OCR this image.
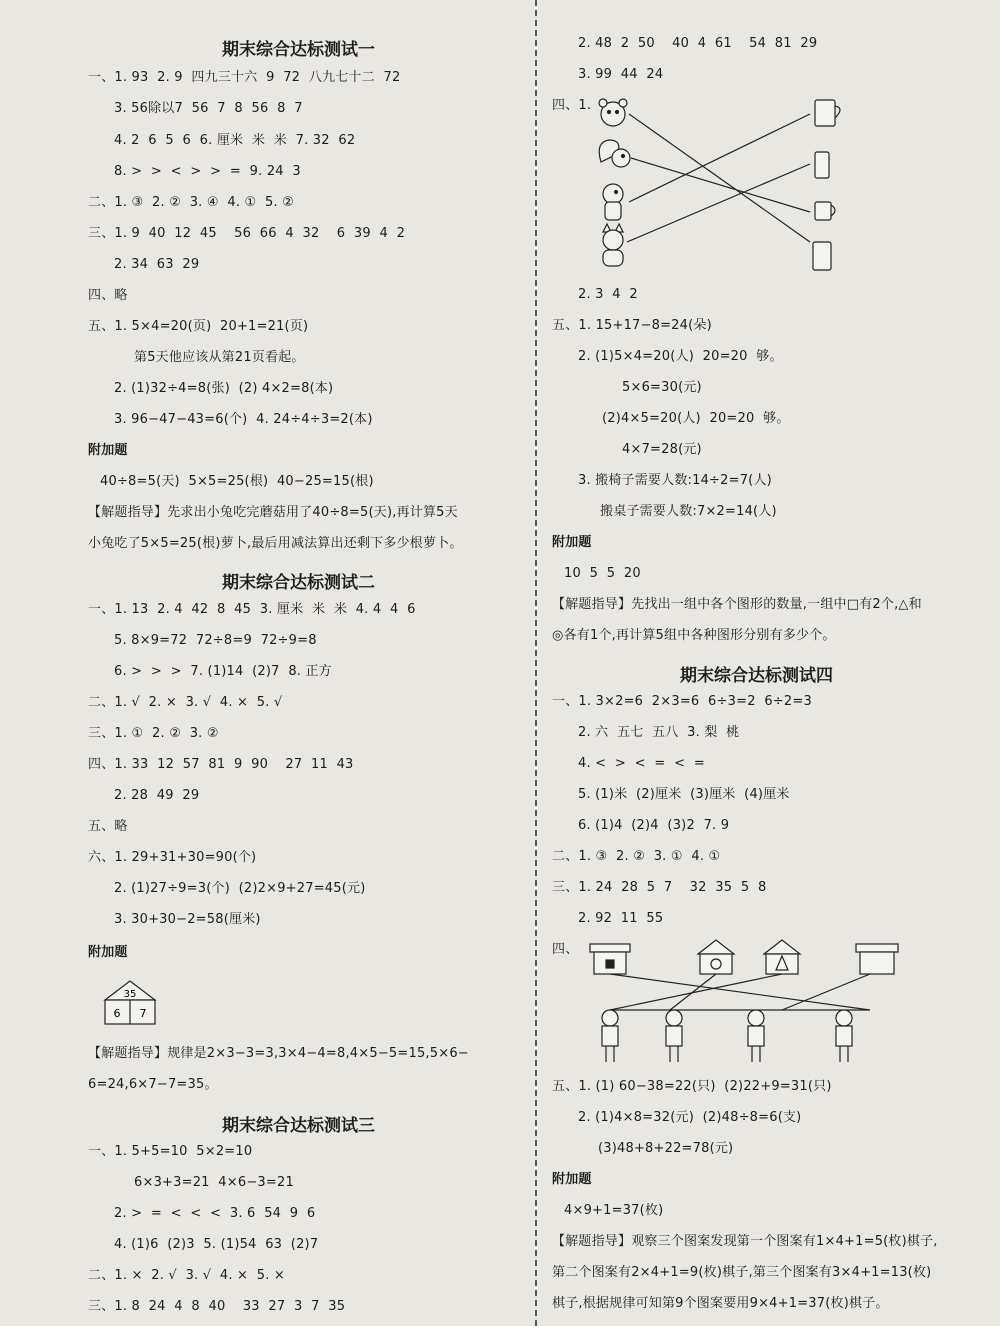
期末综合达标测试一
一、1. 93  2. 9  四九三十六  9  72  八九七十二  72
3. 56除以7  56  7  8  56  8  7
4. 2  6  5  6  6. 厘米  米  米  7. 32  62
8. >  >  <  >  >  =  9. 24  3
二、1. ③  2. ②  3. ④  4. ①  5. ②
三、1. 9  40  12  45    56  66  4  32    6  39  4  2
2. 34  63  29
四、略
五、1. 5×4=20(页)  20+1=21(页)
第5天他应该从第21页看起。
2. (1)32÷4=8(张)  (2) 4×2=8(本)
3. 96−47−43=6(个)  4. 24÷4÷3=2(本)
附加题
40÷8=5(天)  5×5=25(根)  40−25=15(根)
【解题指导】先求出小兔吃完蘑菇用了40÷8=5(天),再计算5天
小兔吃了5×5=25(根)萝卜,最后用减法算出还剩下多少根萝卜。
期末综合达标测试二
一、1. 13  2. 4  42  8  45  3. 厘米  米  米  4. 4  4  6
5. 8×9=72  72÷8=9  72÷9=8
6. >  >  >  7. (1)14  (2)7  8. 正方
二、1. √  2. ×  3. √  4. ×  5. √
三、1. ①  2. ②  3. ②
四、1. 33  12  57  81  9  90    27  11  43
2. 28  49  29
五、略
六、1. 29+31+30=90(个)
2. (1)27÷9=3(个)  (2)2×9+27=45(元)
3. 30+30−2=58(厘米)
附加题
35
6 7
【解题指导】规律是2×3−3=3,3×4−4=8,4×5−5=15,5×6−
6=24,6×7−7=35。
期末综合达标测试三
一、1. 5+5=10  5×2=10
6×3+3=21  4×6−3=21
2. >  =  <  <  <  3. 6  54  9  6
4. (1)6  (2)3  5. (1)54  63  (2)7
二、1. ×  2. √  3. √  4. ×  5. ×
三、1. 8  24  4  8  40    33  27  3  7  35
2. 48  2  50    40  4  61    54  81  29
3. 99  44  24
四、1.
2. 3  4  2
五、1. 15+17−8=24(朵)
2. (1)5×4=20(人)  20=20  够。
5×6=30(元)
(2)4×5=20(人)  20=20  够。
4×7=28(元)
3. 搬椅子需要人数:14÷2=7(人)
搬桌子需要人数:7×2=14(人)
附加题
10  5  5  20
【解题指导】先找出一组中各个图形的数量,一组中□有2个,△和
◎各有1个,再计算5组中各种图形分别有多少个。
期末综合达标测试四
一、1. 3×2=6  2×3=6  6÷3=2  6÷2=3
2. 六  五七  五八  3. 梨  桃
4. <  >  <  =  <  =
5. (1)米  (2)厘米  (3)厘米  (4)厘米
6. (1)4  (2)4  (3)2  7. 9
二、1. ③  2. ②  3. ①  4. ①
三、1. 24  28  5  7    32  35  5  8
2. 92  11  55
四、
五、1. (1) 60−38=22(只)  (2)22+9=31(只)
2. (1)4×8=32(元)  (2)48÷8=6(支)
(3)48+8+22=78(元)
附加题
4×9+1=37(枚)
【解题指导】观察三个图案发现第一个图案有1×4+1=5(枚)棋子,
第二个图案有2×4+1=9(枚)棋子,第三个图案有3×4+1=13(枚)
棋子,根据规律可知第9个图案要用9×4+1=37(枚)棋子。
